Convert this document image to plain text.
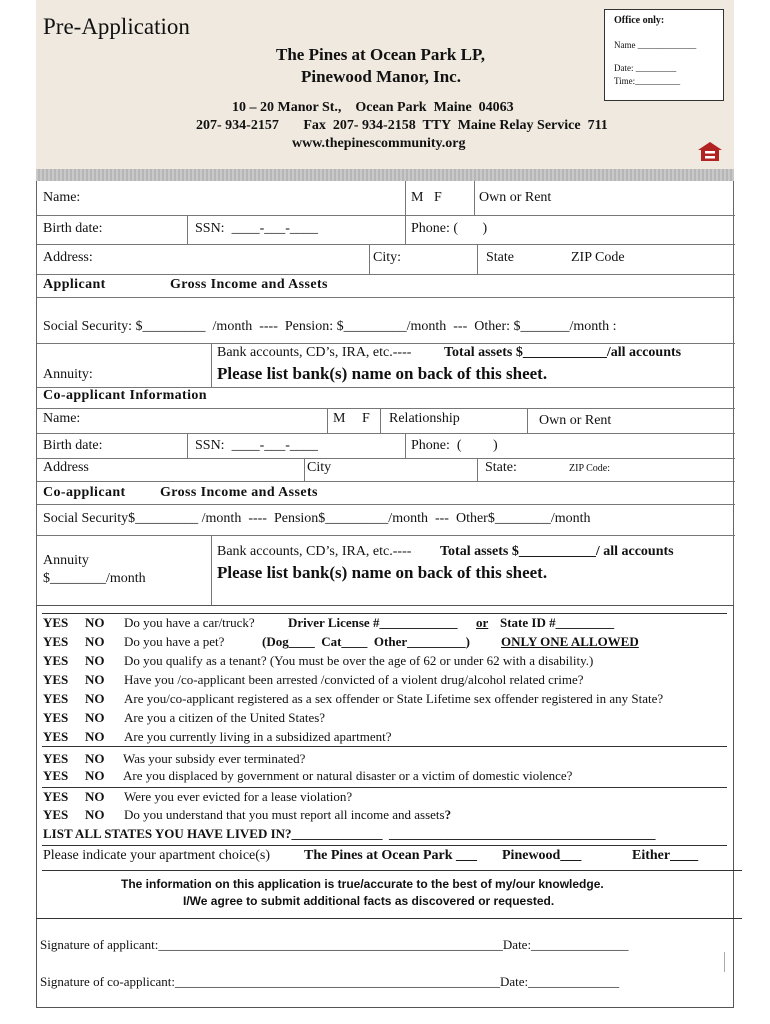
Pre-Application
The Pines at Ocean Park LP,
Pinewood Manor, Inc.
10 – 20 Manor St.,    Ocean Park  Maine  04063
207- 934-2157       Fax  207- 934-2158  TTY  Maine Relay Service  711
www.thepinescommunity.org
Office only:
Name _____________
Date: _________
Time:__________
Name:	M   F	Own or Rent
Birth date:	SSN:  ____-___-____	Phone: (       )
Address:	City:	State	ZIP Code
Applicant	Gross Income and Assets
Social Security: $_________  /month  ----  Pension: $_________/month  ---  Other: $_______/month :
Bank accounts, CD’s, IRA, etc.---- Total assets $____________/all accounts
Annuity:	Please list bank(s) name on back of this sheet.
Co-applicant Information
Name:	M F Relationship	Own or Rent
Birth date:	SSN:  ____-___-____	Phone:  (         )
Address	City	State:	ZIP Code:
Co-applicant Gross Income and Assets
Social Security$_________ /month  ----  Pension$_________/month  ---  Other$________/month
Annuity
$________/month
Bank accounts, CD’s, IRA, etc.---- Total assets $___________/ all accounts
Please list bank(s) name on back of this sheet.
YES NO Do you have a car/truck?	Driver License #____________ or State ID #_________
YES NO Do you have a pet?	(Dog____  Cat____  Other_________) ONLY ONE ALLOWED
YES NO Do you qualify as a tenant? (You must be over the age of 62 or under 62 with a disability.)
YES NO Have you /co-applicant been arrested /convicted of a violent drug/alcohol related crime?
YES NO Are you/co-applicant registered as a sex offender or State Lifetime sex offender registered in any State?
YES NO Are you a citizen of the United States?
YES NO Are you currently living in a subsidized apartment?
YES NO Was your subsidy ever terminated?
YES NO Are you displaced by government or natural disaster or a victim of domestic violence?
YES NO Were you ever evicted for a lease violation?
YES NO Do you understand that you must report all income and assets?
LIST ALL STATES YOU HAVE LIVED IN?______________  _________________________________________
Please indicate your apartment choice(s) The Pines at Ocean Park ___ Pinewood___	Either____
The information on this application is true/accurate to the best of my/our knowledge.
I/We agree to submit additional facts as discovered or requested.
Signature of applicant:_____________________________________________________Date:_______________
Signature of co-applicant:__________________________________________________Date:______________
